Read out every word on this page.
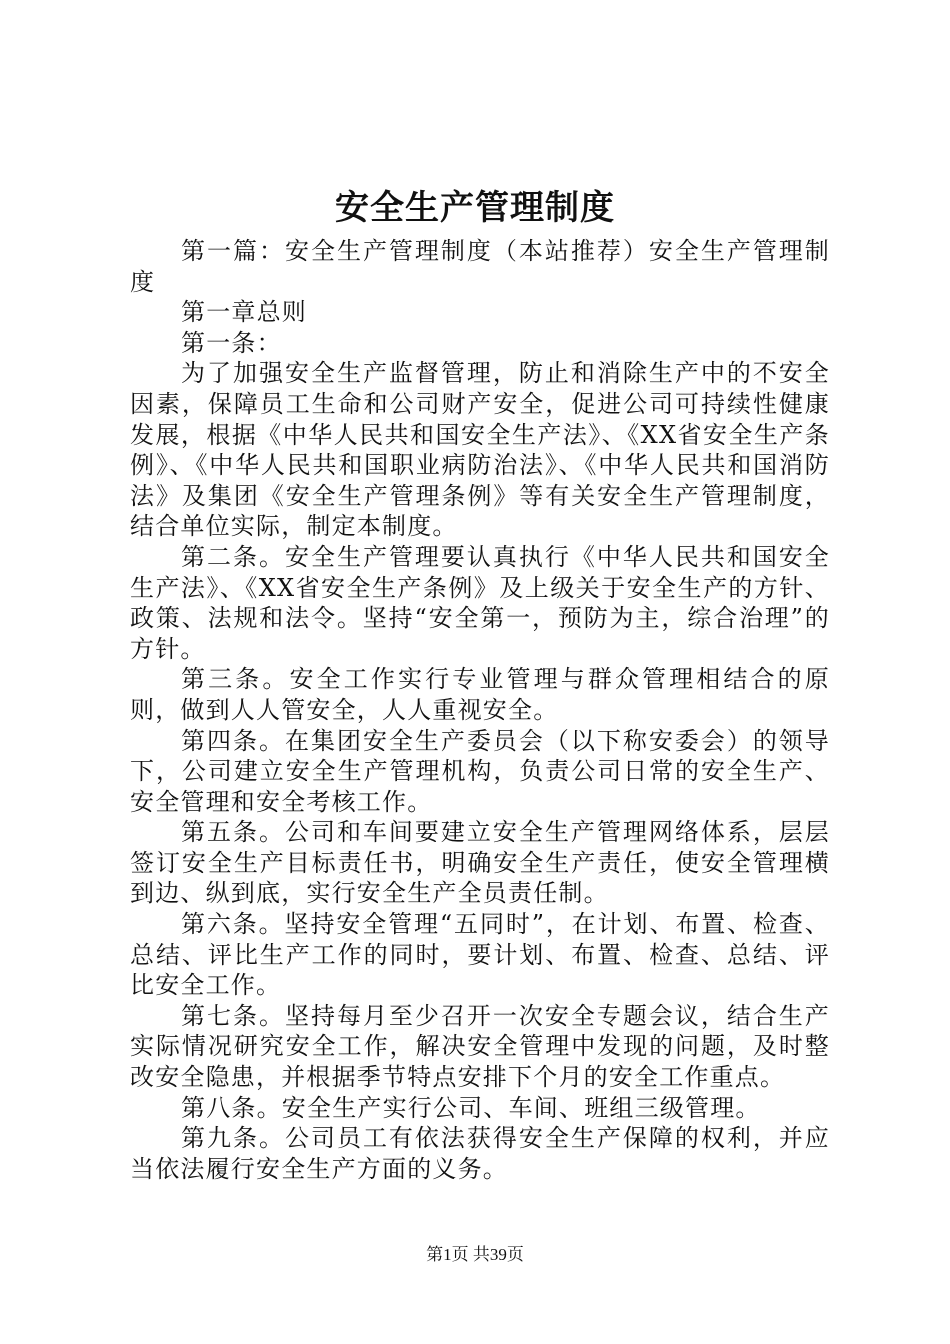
安全生产管理制度

第一篇：安全生产管理制度（本站推荐）安全生产管理制度

第一章总则

第一条：

为了加强安全生产监督管理，防止和消除生产中的不安全因素，保障员工生命和公司财产安全，促进公司可持续性健康发展，根据《中华人民共和国安全生产法》、《XX省安全生产条例》、《中华人民共和国职业病防治法》、《中华人民共和国消防法》及集团《安全生产管理条例》等有关安全生产管理制度，结合单位实际，制定本制度。

第二条。安全生产管理要认真执行《中华人民共和国安全生产法》、《XX省安全生产条例》及上级关于安全生产的方针、政策、法规和法令。坚持“安全第一，预防为主，综合治理”的方针。

第三条。安全工作实行专业管理与群众管理相结合的原则，做到人人管安全，人人重视安全。

第四条。在集团安全生产委员会（以下称安委会）的领导下，公司建立安全生产管理机构，负责公司日常的安全生产、安全管理和安全考核工作。

第五条。公司和车间要建立安全生产管理网络体系，层层签订安全生产目标责任书，明确安全生产责任，使安全管理横到边、纵到底，实行安全生产全员责任制。

第六条。坚持安全管理“五同时”，在计划、布置、检查、总结、评比生产工作的同时，要计划、布置、检查、总结、评比安全工作。

第七条。坚持每月至少召开一次安全专题会议，结合生产实际情况研究安全工作，解决安全管理中发现的问题，及时整改安全隐患，并根据季节特点安排下个月的安全工作重点。

第八条。安全生产实行公司、车间、班组三级管理。

第九条。公司员工有依法获得安全生产保障的权利，并应当依法履行安全生产方面的义务。

第1页 共39页
